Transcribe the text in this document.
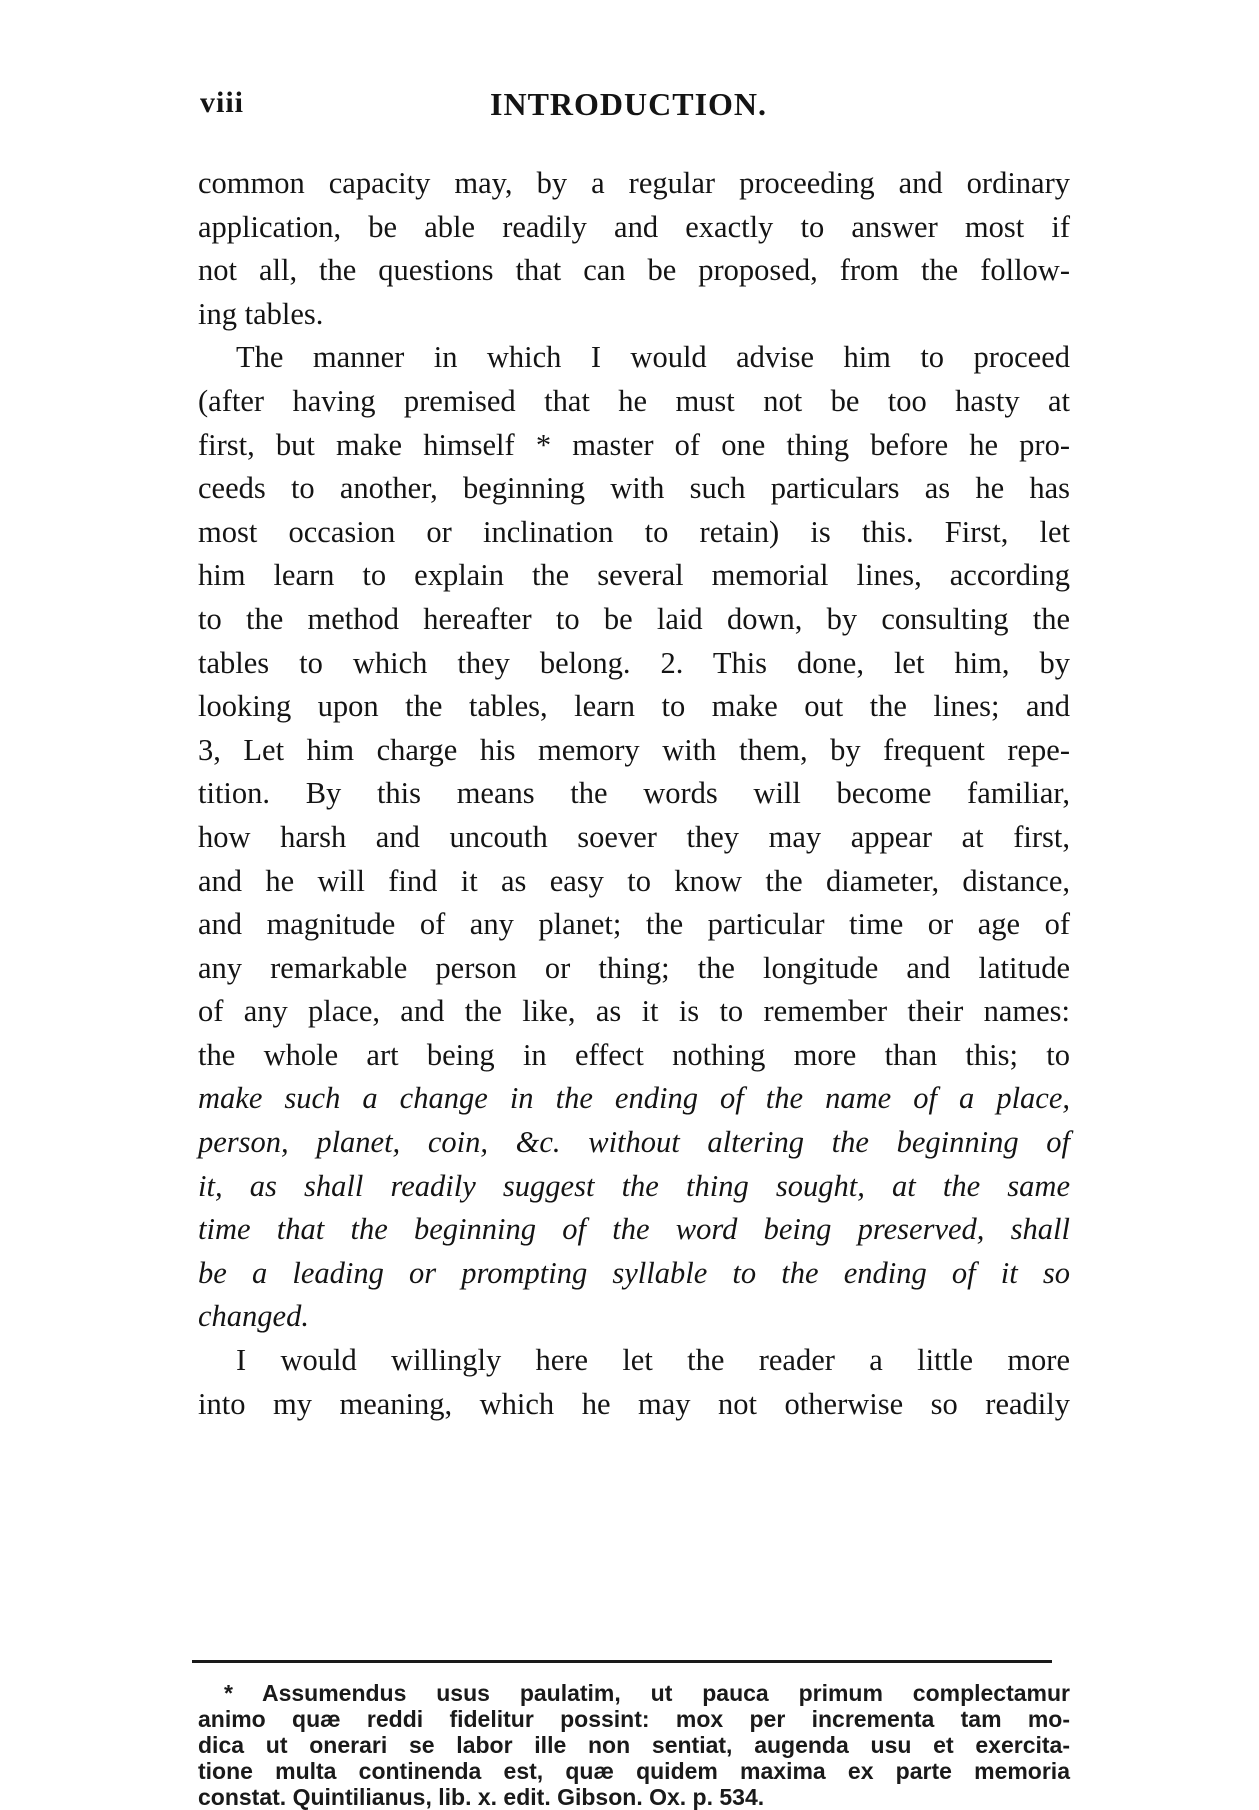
viii	INTRODUCTION.
common capacity may, by a regular proceeding and ordinary
application, be able readily and exactly to answer most if
not all, the questions that can be proposed, from the follow-
ing tables.
The manner in which I would advise him to proceed
(after having premised that he must not be too hasty at
first, but make himself * master of one thing before he pro-
ceeds to another, beginning with such particulars as he has
most occasion or inclination to retain) is this. First, let
him learn to explain the several memorial lines, according
to the method hereafter to be laid down, by consulting the
tables to which they belong. 2. This done, let him, by
looking upon the tables, learn to make out the lines; and
3, Let him charge his memory with them, by frequent repe-
tition. By this means the words will become familiar,
how harsh and uncouth soever they may appear at first,
and he will find it as easy to know the diameter, distance,
and magnitude of any planet; the particular time or age of
any remarkable person or thing; the longitude and latitude
of any place, and the like, as it is to remember their names:
the whole art being in effect nothing more than this; to
make such a change in the ending of the name of a place,
person, planet, coin, &c. without altering the beginning of
it, as shall readily suggest the thing sought, at the same
time that the beginning of the word being preserved, shall
be a leading or prompting syllable to the ending of it so
changed.
I would willingly here let the reader a little more
into my meaning, which he may not otherwise so readily
* Assumendus usus paulatim, ut pauca primum complectamur
animo quæ reddi fidelitur possint: mox per incrementa tam mo-
dica ut onerari se labor ille non sentiat, augenda usu et exercita-
tione multa continenda est, quæ quidem maxima ex parte memoria
constat. Quintilianus, lib. x. edit. Gibson. Ox. p. 534.
